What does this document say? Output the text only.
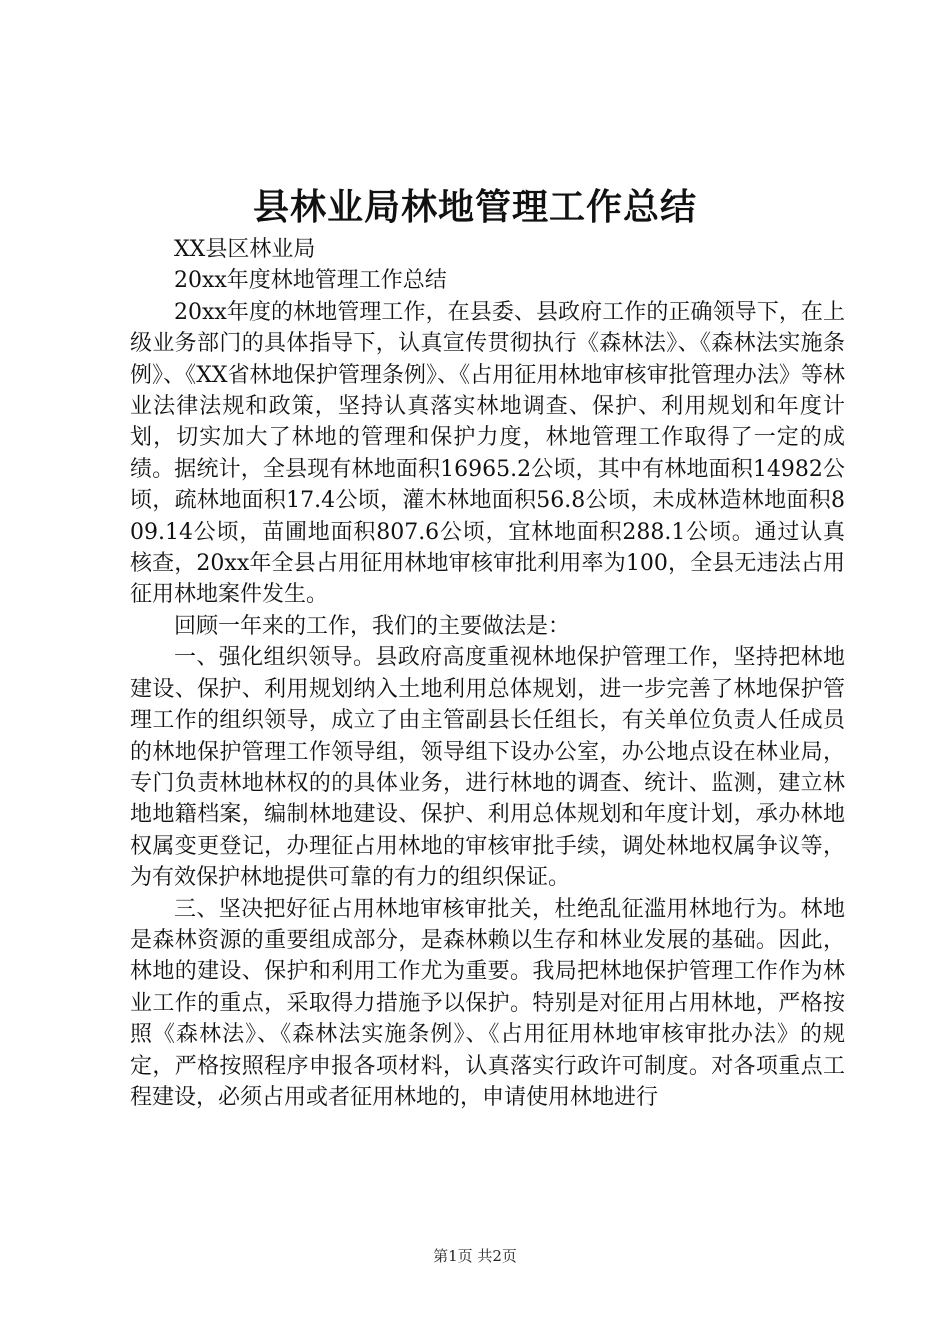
县林业局林地管理工作总结

XX县区林业局

20xx年度林地管理工作总结

20xx年度的林地管理工作，在县委、县政府工作的正确领导下，在上级业务部门的具体指导下，认真宣传贯彻执行《森林法》、《森林法实施条例》、《XX省林地保护管理条例》、《占用征用林地审核审批管理办法》等林业法律法规和政策，坚持认真落实林地调查、保护、利用规划和年度计划，切实加大了林地的管理和保护力度，林地管理工作取得了一定的成绩。据统计，全县现有林地面积16965.2公顷，其中有林地面积14982公顷，疏林地面积17.4公顷，灌木林地面积56.8公顷，未成林造林地面积809.14公顷，苗圃地面积807.6公顷，宜林地面积288.1公顷。通过认真核查，20xx年全县占用征用林地审核审批利用率为100，全县无违法占用征用林地案件发生。

回顾一年来的工作，我们的主要做法是：

一、强化组织领导。县政府高度重视林地保护管理工作，坚持把林地建设、保护、利用规划纳入土地利用总体规划，进一步完善了林地保护管理工作的组织领导，成立了由主管副县长任组长，有关单位负责人任成员的林地保护管理工作领导组，领导组下设办公室，办公地点设在林业局，专门负责林地林权的的具体业务，进行林地的调查、统计、监测，建立林地地籍档案，编制林地建设、保护、利用总体规划和年度计划，承办林地权属变更登记，办理征占用林地的审核审批手续，调处林地权属争议等，为有效保护林地提供可靠的有力的组织保证。

三、坚决把好征占用林地审核审批关，杜绝乱征滥用林地行为。林地是森林资源的重要组成部分，是森林赖以生存和林业发展的基础。因此，林地的建设、保护和利用工作尤为重要。我局把林地保护管理工作作为林业工作的重点，采取得力措施予以保护。特别是对征用占用林地，严格按照《森林法》、《森林法实施条例》、《占用征用林地审核审批办法》的规定，严格按照程序申报各项材料，认真落实行政许可制度。对各项重点工程建设，必须占用或者征用林地的，申请使用林地进行

第1页 共2页
